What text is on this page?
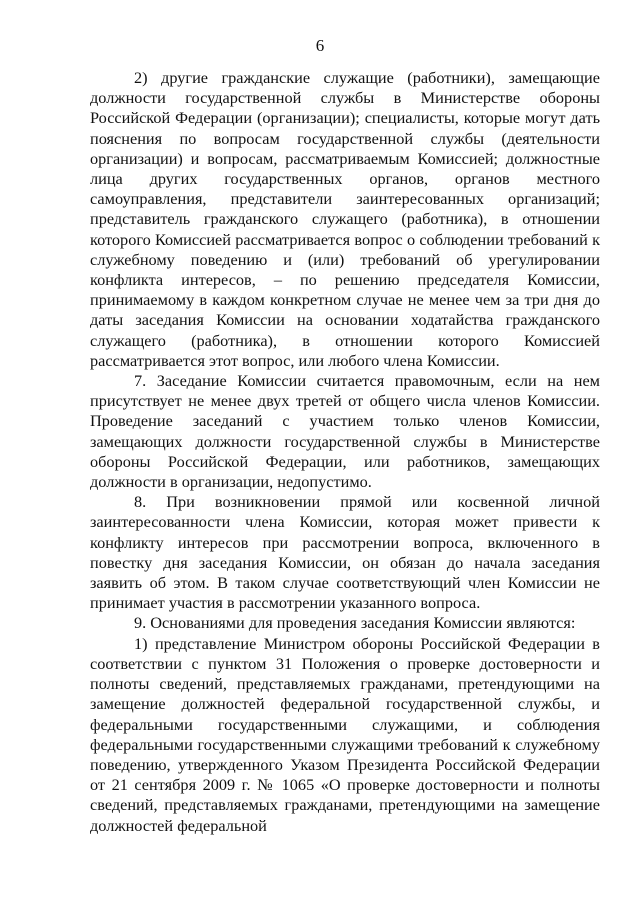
6

2) другие гражданские служащие (работники), замещающие должности государственной службы в Министерстве обороны Российской Федерации (организации); специалисты, которые могут дать пояснения по вопросам государственной службы (деятельности организации) и вопросам, рассматриваемым Комиссией; должностные лица других государственных органов, органов местного самоуправления, представители заинтересованных организаций; представитель гражданского служащего (работника), в отношении которого Комиссией рассматривается вопрос о соблюдении требований к служебному поведению и (или) требований об урегулировании конфликта интересов, – по решению председателя Комиссии, принимаемому в каждом конкретном случае не менее чем за три дня до даты заседания Комиссии на основании ходатайства гражданского служащего (работника), в отношении которого Комиссией рассматривается этот вопрос, или любого члена Комиссии.

7. Заседание Комиссии считается правомочным, если на нем присутствует не менее двух третей от общего числа членов Комиссии. Проведение заседаний с участием только членов Комиссии, замещающих должности государственной службы в Министерстве обороны Российской Федерации, или работников, замещающих должности в организации, недопустимо.

8. При возникновении прямой или косвенной личной заинтересованности члена Комиссии, которая может привести к конфликту интересов при рассмотрении вопроса, включенного в повестку дня заседания Комиссии, он обязан до начала заседания заявить об этом. В таком случае соответствующий член Комиссии не принимает участия в рассмотрении указанного вопроса.

9. Основаниями для проведения заседания Комиссии являются:

1) представление Министром обороны Российской Федерации в соответствии с пунктом 31 Положения о проверке достоверности и полноты сведений, представляемых гражданами, претендующими на замещение должностей федеральной государственной службы, и федеральными государственными служащими, и соблюдения федеральными государственными служащими требований к служебному поведению, утвержденного Указом Президента Российской Федерации от 21 сентября 2009 г. № 1065 «О проверке достоверности и полноты сведений, представляемых гражданами, претендующими на замещение должностей федеральной
